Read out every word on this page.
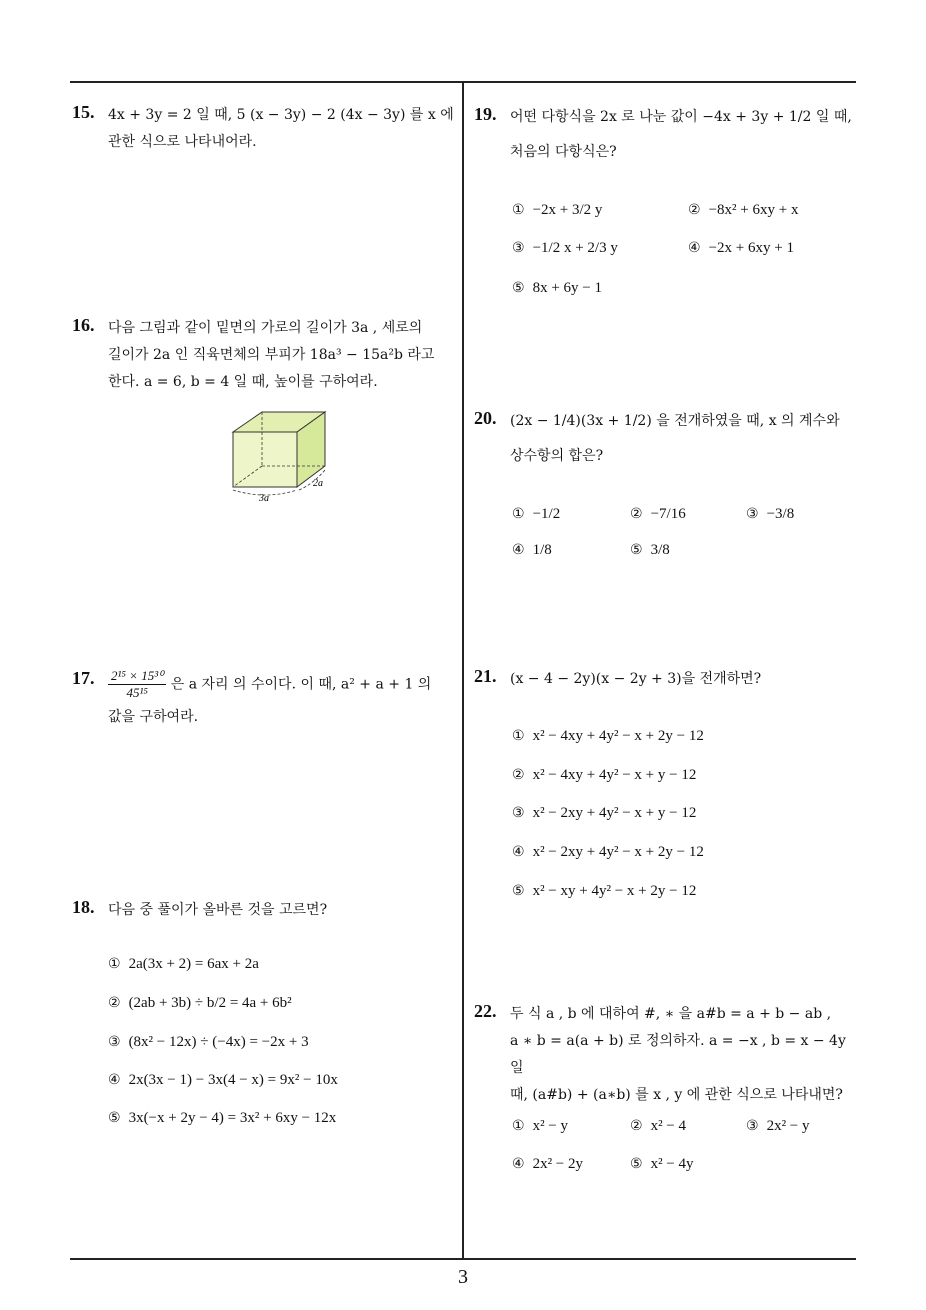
15. 4x + 3y = 2 일 때, 5 (x − 3y) − 2 (4x − 3y) 를 x 에
관한 식으로 나타내어라.
16. 다음 그림과 같이 밑면의 가로의 길이가 3a , 세로의
길이가 2a 인 직육면체의 부피가 18a³ − 15a²b 라고
한다. a = 6, b = 4 일 때, 높이를 구하여라.
3a
2a
17. $\frac{\text{2¹⁵ × 15³⁰}}{\text{45¹⁵}}$ 은 a 자리 의 수이다. 이 때, a² + a + 1 의
값을 구하여라.
18. 다음 중 풀이가 올바른 것을 고르면?
① 2a(3x + 2) = 6ax + 2a
② (2ab + 3b) ÷ b/2 = 4a + 6b²
③ (8x² − 12x) ÷ (−4x) = −2x + 3
④ 2x(3x − 1) − 3x(4 − x) = 9x² − 10x
⑤ 3x(−x + 2y − 4) = 3x² + 6xy − 12x
19. 어떤 다항식을 2x 로 나눈 값이 −4x + 3y + 1/2 일 때,
처음의 다항식은?
① −2x + 3/2 y	② −8x² + 6xy + x
③ −1/2 x + 2/3 y	④ −2x + 6xy + 1
⑤ 8x + 6y − 1
20. (2x − 1/4)(3x + 1/2) 을 전개하였을 때, x 의 계수와
상수항의 합은?
① −1/2	② −7/16	③ −3/8
④ 1/8	⑤ 3/8
21. (x − 4 − 2y)(x − 2y + 3)을 전개하면?
① x² − 4xy + 4y² − x + 2y − 12
② x² − 4xy + 4y² − x + y − 12
③ x² − 2xy + 4y² − x + y − 12
④ x² − 2xy + 4y² − x + 2y − 12
⑤ x² − xy + 4y² − x + 2y − 12
22. 두 식 a , b 에 대하여 #, ∗ 을 a#b = a + b − ab ,
a ∗ b = a(a + b) 로 정의하자. a = −x , b = x − 4y 일
때, (a#b) + (a∗b) 를 x , y 에 관한 식으로 나타내면?
① x² − y	② x² − 4	③ 2x² − y
④ 2x² − 2y	⑤ x² − 4y
3
